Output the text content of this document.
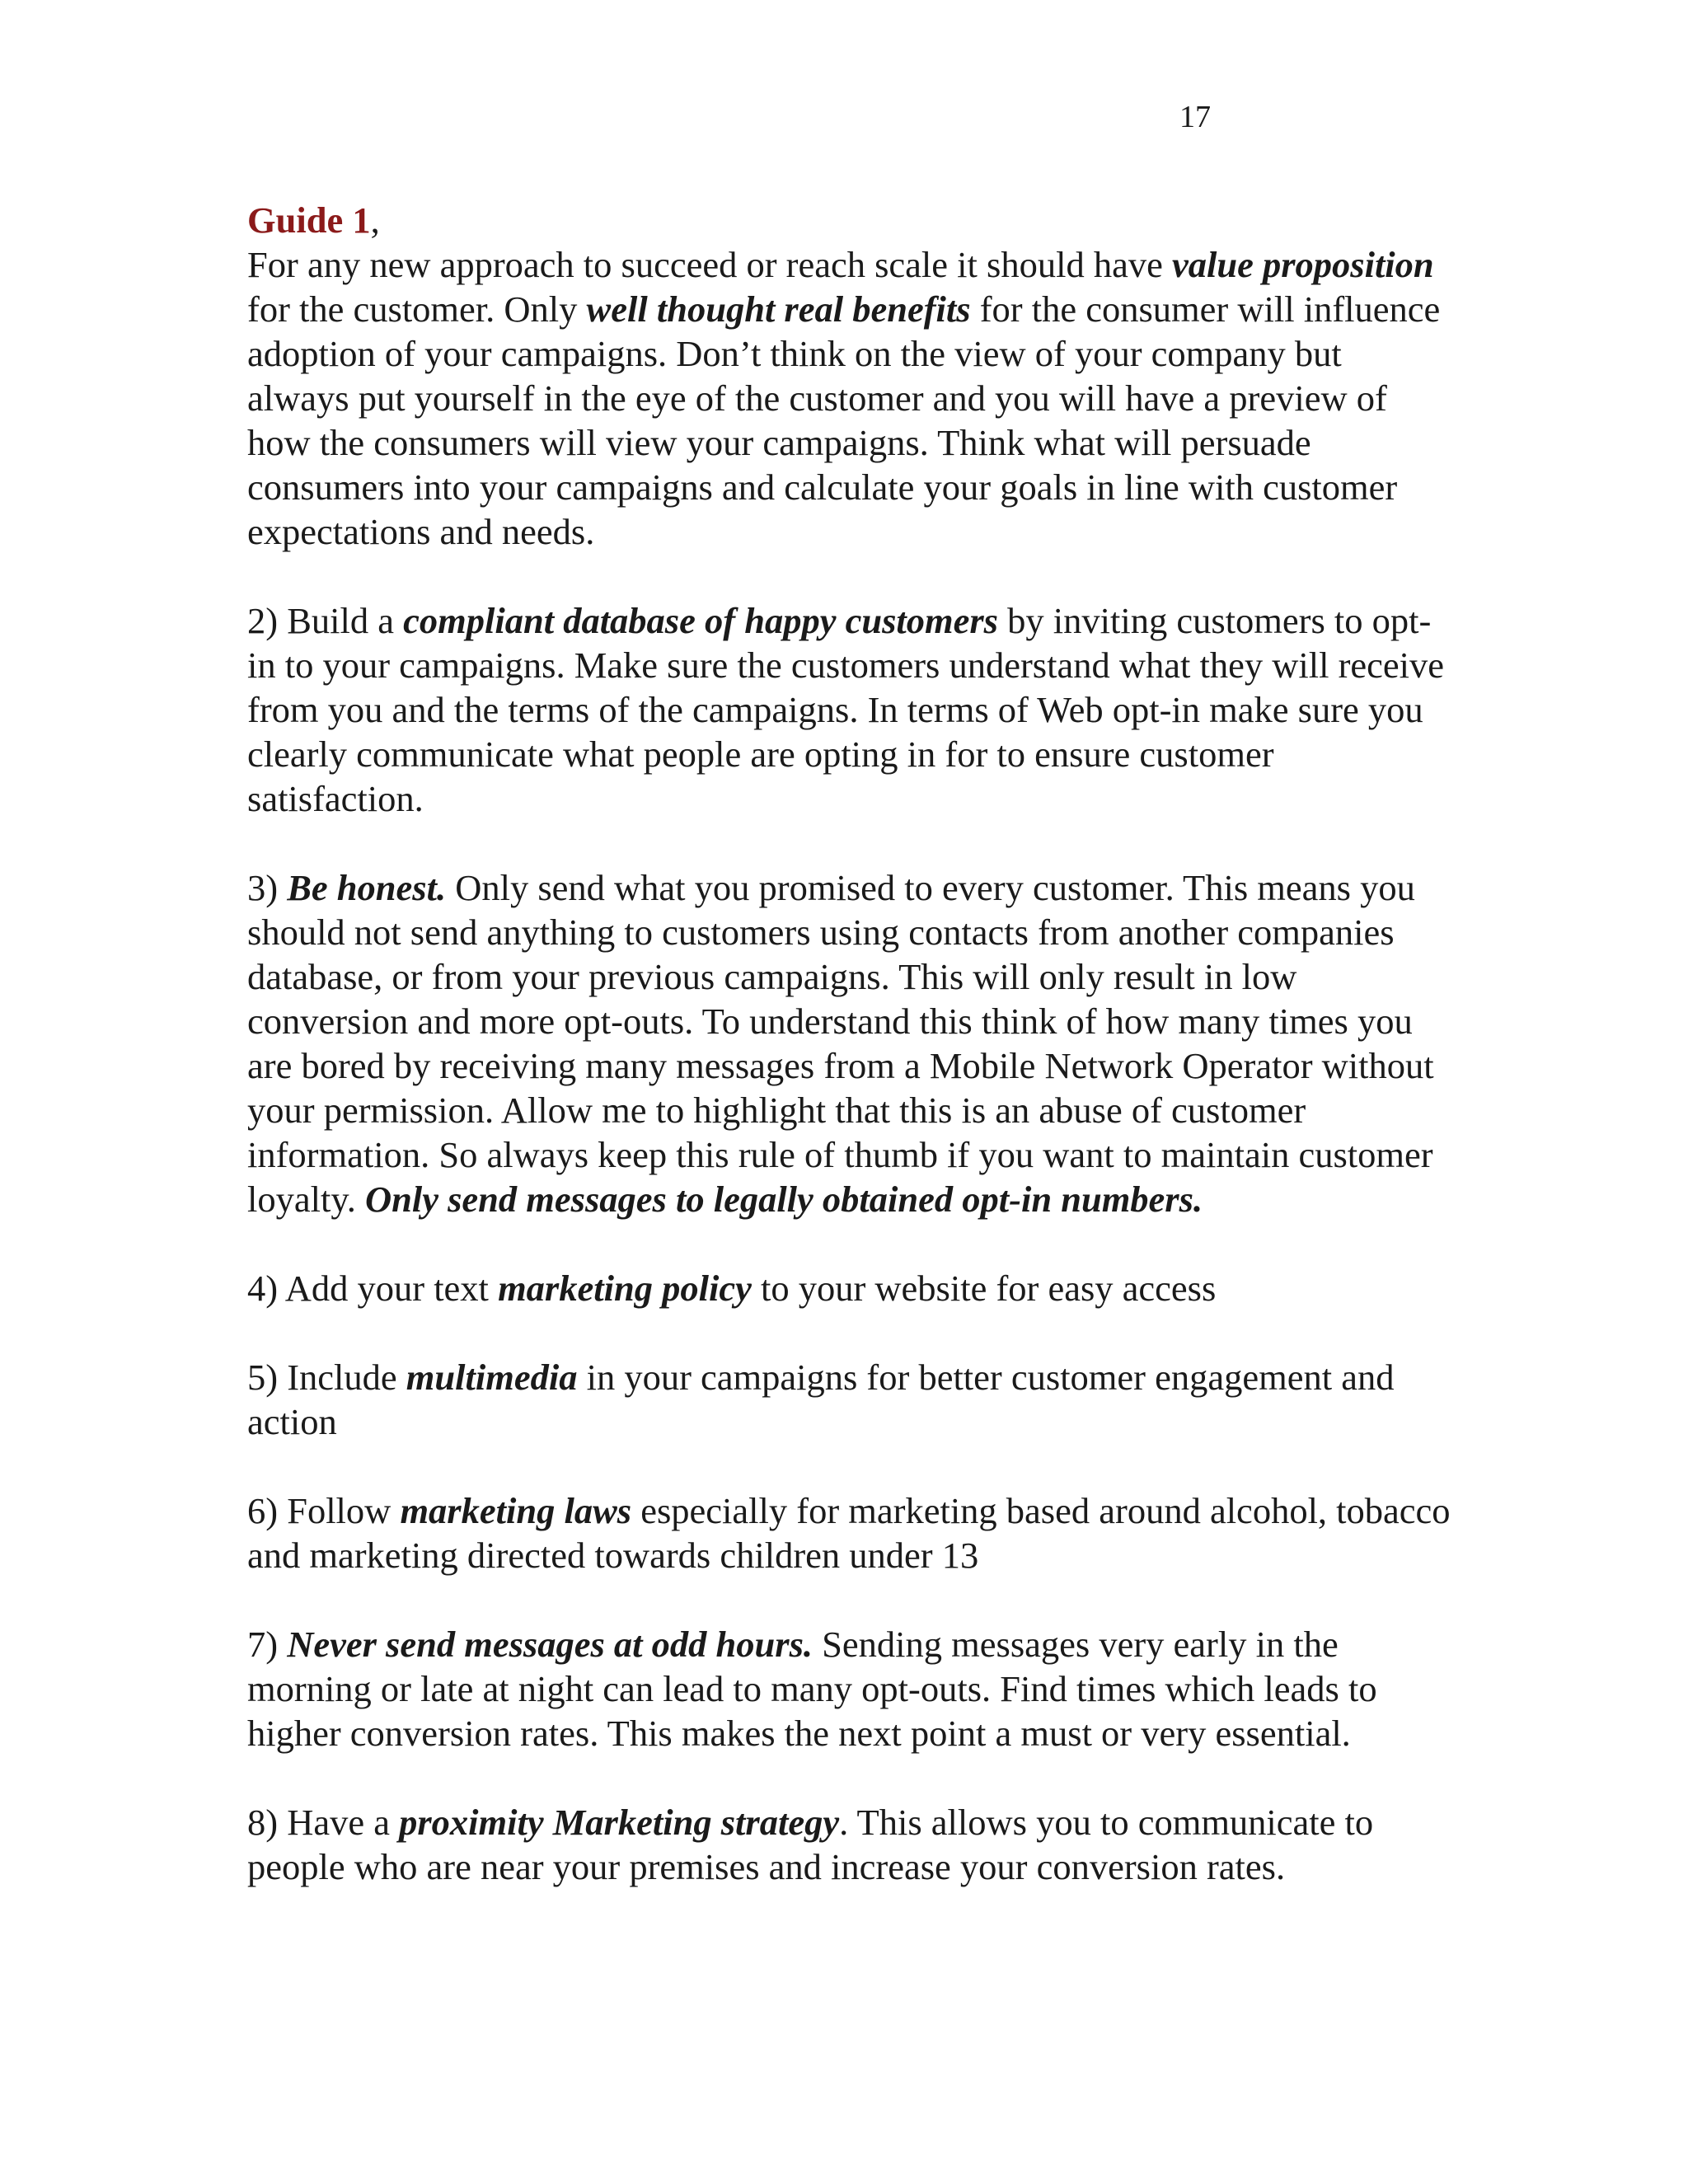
17

Guide 1,
For any new approach to succeed or reach scale it should have value proposition for the customer. Only well thought real benefits for the consumer will influence adoption of your campaigns. Don’t think on the view of your company but always put yourself in the eye of the customer and you will have a preview of how the consumers will view your campaigns. Think what will persuade consumers into your campaigns and calculate your goals in line with customer expectations and needs.

2) Build a compliant database of happy customers by inviting customers to opt-in to your campaigns. Make sure the customers understand what they will receive from you and the terms of the campaigns. In terms of Web opt-in make sure you clearly communicate what people are opting in for to ensure customer satisfaction.

3) Be honest. Only send what you promised to every customer. This means you should not send anything to customers using contacts from another companies database, or from your previous campaigns. This will only result in low conversion and more opt-outs. To understand this think of how many times you are bored by receiving many messages from a Mobile Network Operator without your permission. Allow me to highlight that this is an abuse of customer information. So always keep this rule of thumb if you want to maintain customer loyalty. Only send messages to legally obtained opt-in numbers.

4) Add your text marketing policy to your website for easy access

5) Include multimedia in your campaigns for better customer engagement and action

6) Follow marketing laws especially for marketing based around alcohol, tobacco and marketing directed towards children under 13

7) Never send messages at odd hours. Sending messages very early in the morning or late at night can lead to many opt-outs. Find times which leads to higher conversion rates. This makes the next point a must or very essential.

8) Have a proximity Marketing strategy. This allows you to communicate to people who are near your premises and increase your conversion rates.
